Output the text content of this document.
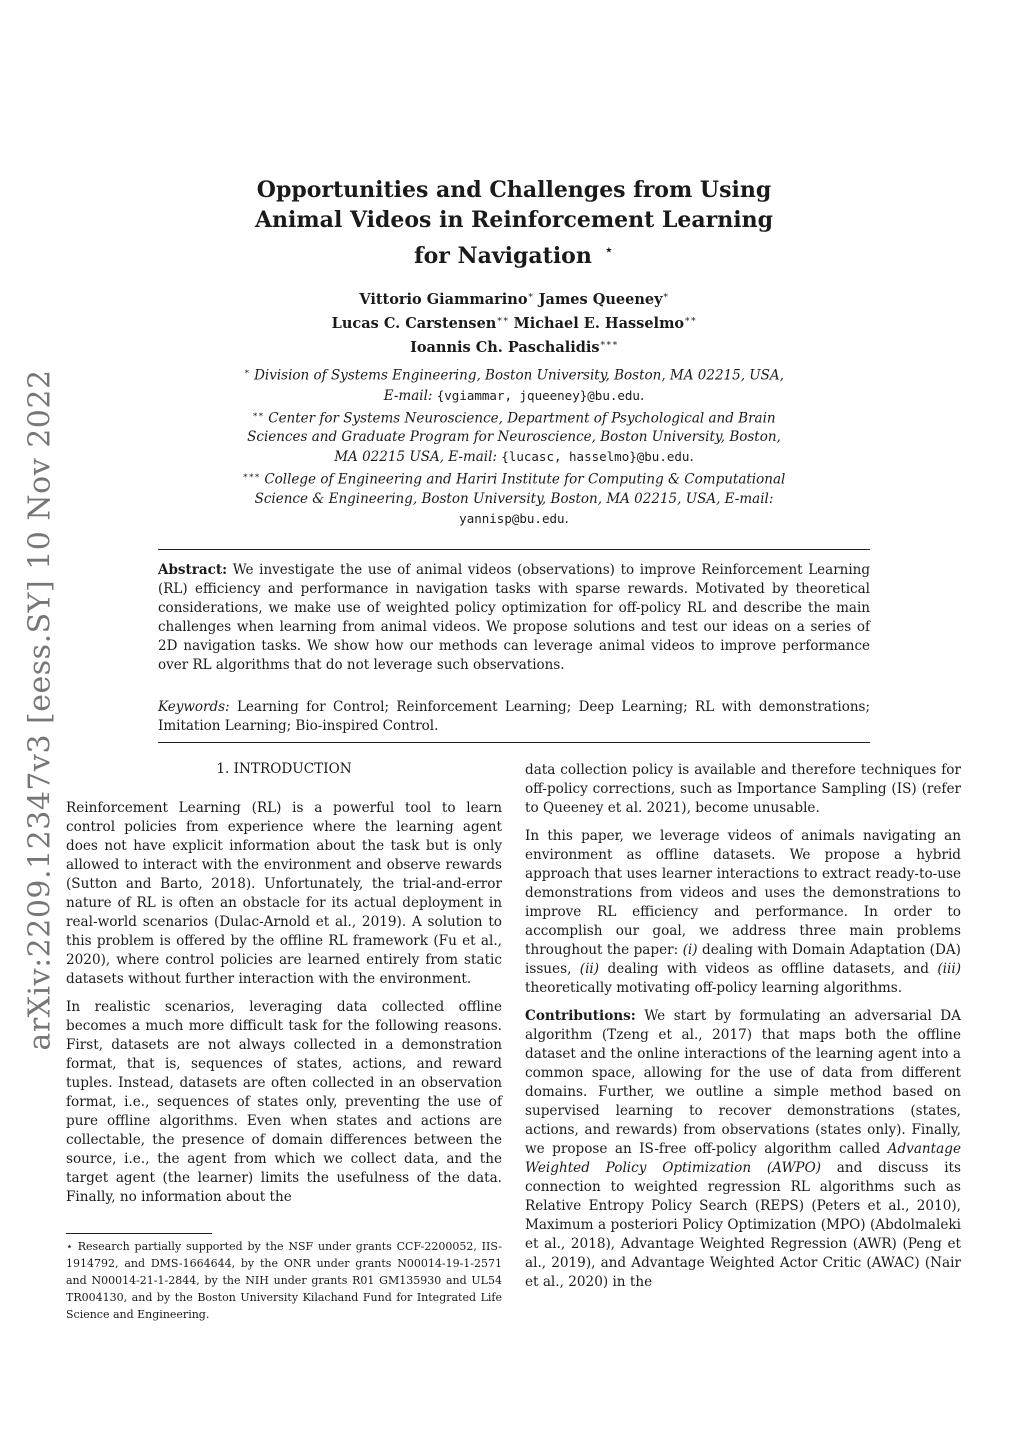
arXiv:2209.12347v3 [eess.SY] 10 Nov 2022
Opportunities and Challenges from Using
Animal Videos in Reinforcement Learning
for Navigation ⋆
Vittorio Giammarino∗ James Queeney∗
Lucas C. Carstensen∗∗ Michael E. Hasselmo∗∗
Ioannis Ch. Paschalidis∗∗∗
∗ Division of Systems Engineering, Boston University, Boston, MA 02215, USA, E-mail: {vgiammar, jqueeney}@bu.edu.
∗∗ Center for Systems Neuroscience, Department of Psychological and Brain Sciences and Graduate Program for Neuroscience, Boston University, Boston, MA 02215 USA, E-mail: {lucasc, hasselmo}@bu.edu.
∗∗∗ College of Engineering and Hariri Institute for Computing & Computational Science & Engineering, Boston University, Boston, MA 02215, USA, E-mail: yannisp@bu.edu.
Abstract: We investigate the use of animal videos (observations) to improve Reinforcement Learning (RL) efficiency and performance in navigation tasks with sparse rewards. Motivated by theoretical considerations, we make use of weighted policy optimization for off-policy RL and describe the main challenges when learning from animal videos. We propose solutions and test our ideas on a series of 2D navigation tasks. We show how our methods can leverage animal videos to improve performance over RL algorithms that do not leverage such observations.
Keywords: Learning for Control; Reinforcement Learning; Deep Learning; RL with demonstrations; Imitation Learning; Bio-inspired Control.
1. INTRODUCTION

Reinforcement Learning (RL) is a powerful tool to learn control policies from experience where the learning agent does not have explicit information about the task but is only allowed to interact with the environment and observe rewards (Sutton and Barto, 2018). Unfortunately, the trial-and-error nature of RL is often an obstacle for its actual deployment in real-world scenarios (Dulac-Arnold et al., 2019). A solution to this problem is offered by the offline RL framework (Fu et al., 2020), where control policies are learned entirely from static datasets without further interaction with the environment.

In realistic scenarios, leveraging data collected offline becomes a much more difficult task for the following reasons. First, datasets are not always collected in a demonstration format, that is, sequences of states, actions, and reward tuples. Instead, datasets are often collected in an observation format, i.e., sequences of states only, preventing the use of pure offline algorithms. Even when states and actions are collectable, the presence of domain differences between the source, i.e., the agent from which we collect data, and the target agent (the learner) limits the usefulness of the data. Finally, no information about the

⋆ Research partially supported by the NSF under grants CCF-2200052, IIS-1914792, and DMS-1664644, by the ONR under grants N00014-19-1-2571 and N00014-21-1-2844, by the NIH under grants R01 GM135930 and UL54 TR004130, and by the Boston University Kilachand Fund for Integrated Life Science and Engineering.

data collection policy is available and therefore techniques for off-policy corrections, such as Importance Sampling (IS) (refer to Queeney et al. 2021), become unusable.

In this paper, we leverage videos of animals navigating an environment as offline datasets. We propose a hybrid approach that uses learner interactions to extract ready-to-use demonstrations from videos and uses the demonstrations to improve RL efficiency and performance. In order to accomplish our goal, we address three main problems throughout the paper: (i) dealing with Domain Adaptation (DA) issues, (ii) dealing with videos as offline datasets, and (iii) theoretically motivating off-policy learning algorithms.

Contributions: We start by formulating an adversarial DA algorithm (Tzeng et al., 2017) that maps both the offline dataset and the online interactions of the learning agent into a common space, allowing for the use of data from different domains. Further, we outline a simple method based on supervised learning to recover demonstrations (states, actions, and rewards) from observations (states only). Finally, we propose an IS-free off-policy algorithm called Advantage Weighted Policy Optimization (AWPO) and discuss its connection to weighted regression RL algorithms such as Relative Entropy Policy Search (REPS) (Peters et al., 2010), Maximum a posteriori Policy Optimization (MPO) (Abdolmaleki et al., 2018), Advantage Weighted Regression (AWR) (Peng et al., 2019), and Advantage Weighted Actor Critic (AWAC) (Nair et al., 2020) in the
